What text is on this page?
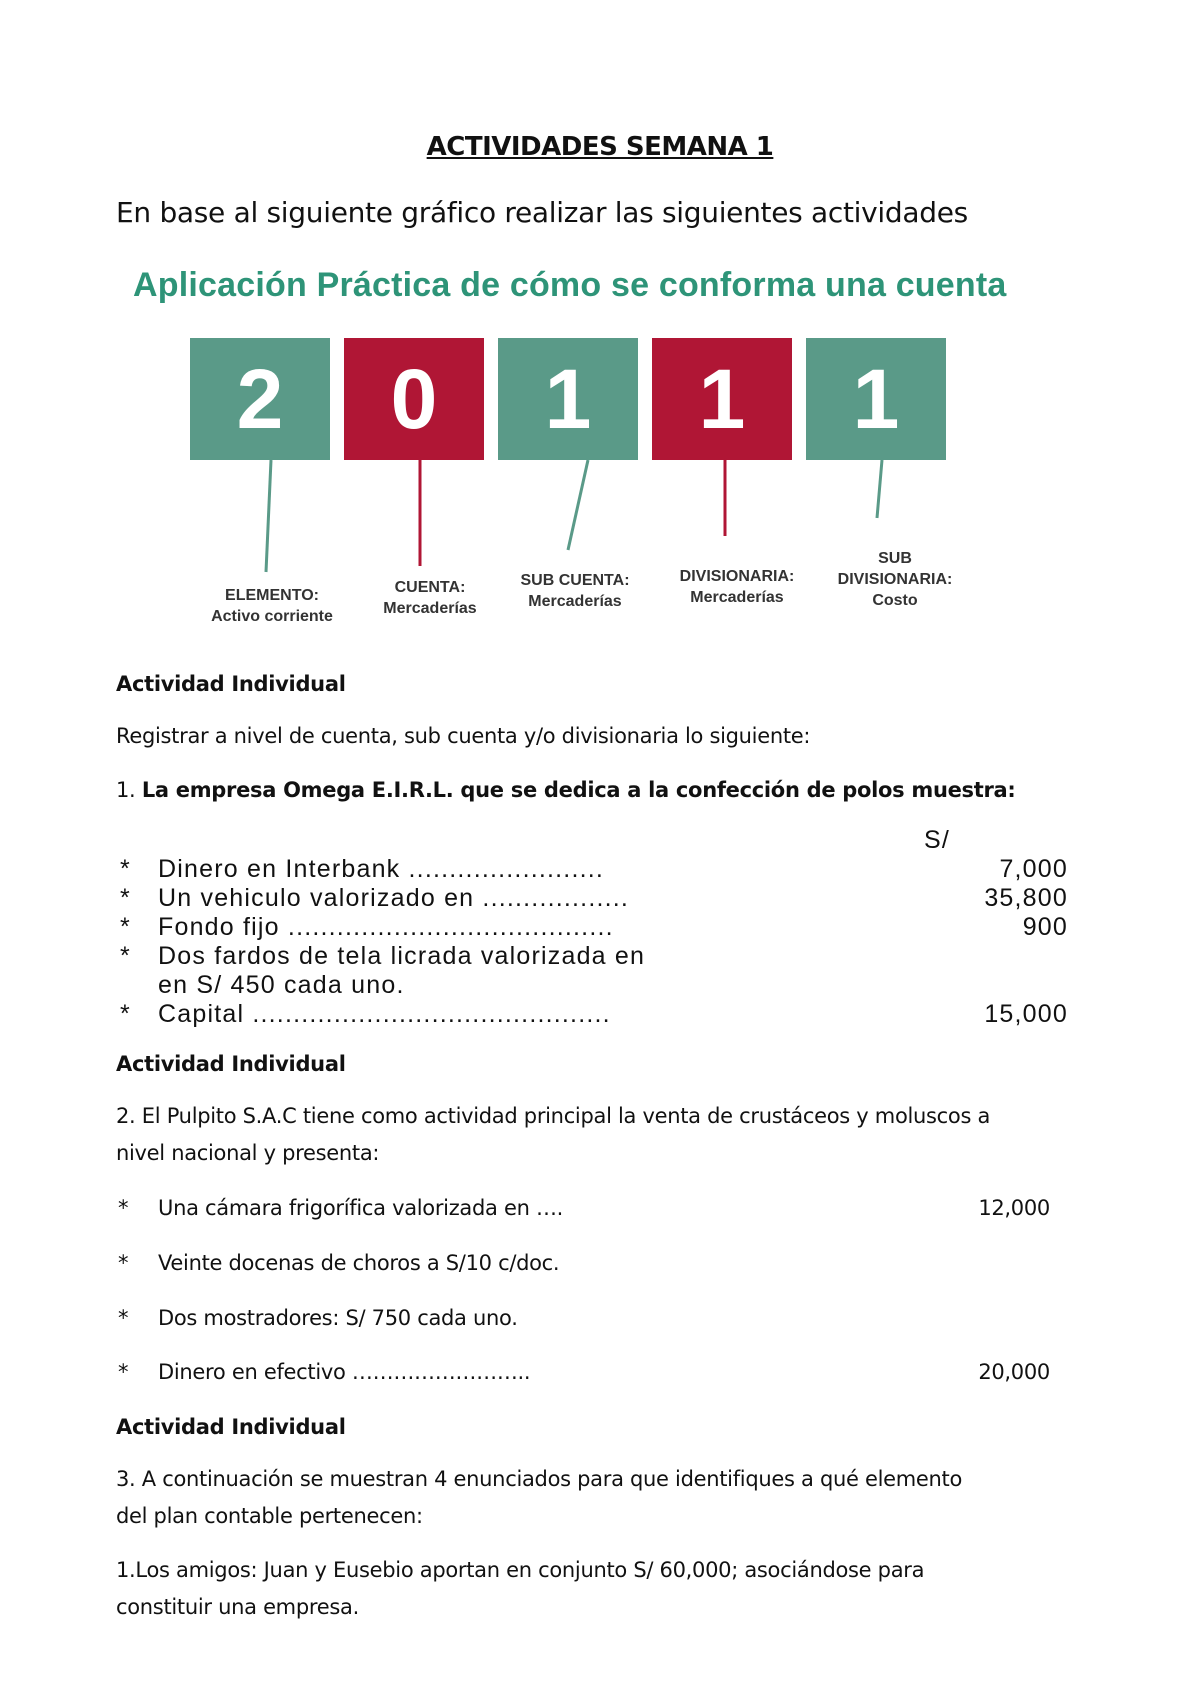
ACTIVIDADES SEMANA 1
En base al siguiente gráfico realizar las siguientes actividades
Aplicación Práctica de cómo se conforma una cuenta
2	0	1	1	1
ELEMENTO:
Activo corriente
CUENTA:
Mercaderías
SUB CUENTA:
Mercaderías
DIVISIONARIA:
Mercaderías
SUB
DIVISIONARIA:
Costo
Actividad Individual
Registrar a nivel de cuenta, sub cuenta y/o divisionaria lo siguiente:
1. La empresa Omega E.I.R.L. que se dedica a la confección de polos muestra:
S/
* Dinero en Interbank ........................	7,000
* Un vehiculo valorizado en ..................	35,800
* Fondo fijo ........................................	900
* Dos fardos de tela licrada valorizada en
en S/ 450 cada uno.
* Capital ............................................	15,000
Actividad Individual
2. El Pulpito S.A.C tiene como actividad principal la venta de crustáceos y moluscos a
nivel nacional y presenta:
* Una cámara frigorífica valorizada en ….	12,000
* Veinte docenas de choros a S/10 c/doc.
* Dos mostradores: S/ 750 cada uno.
* Dinero en efectivo ……………………..	20,000
Actividad Individual
3. A continuación se muestran 4 enunciados para que identifiques a qué elemento
del plan contable pertenecen:
1.Los amigos: Juan y Eusebio aportan en conjunto S/ 60,000; asociándose para
constituir una empresa.
